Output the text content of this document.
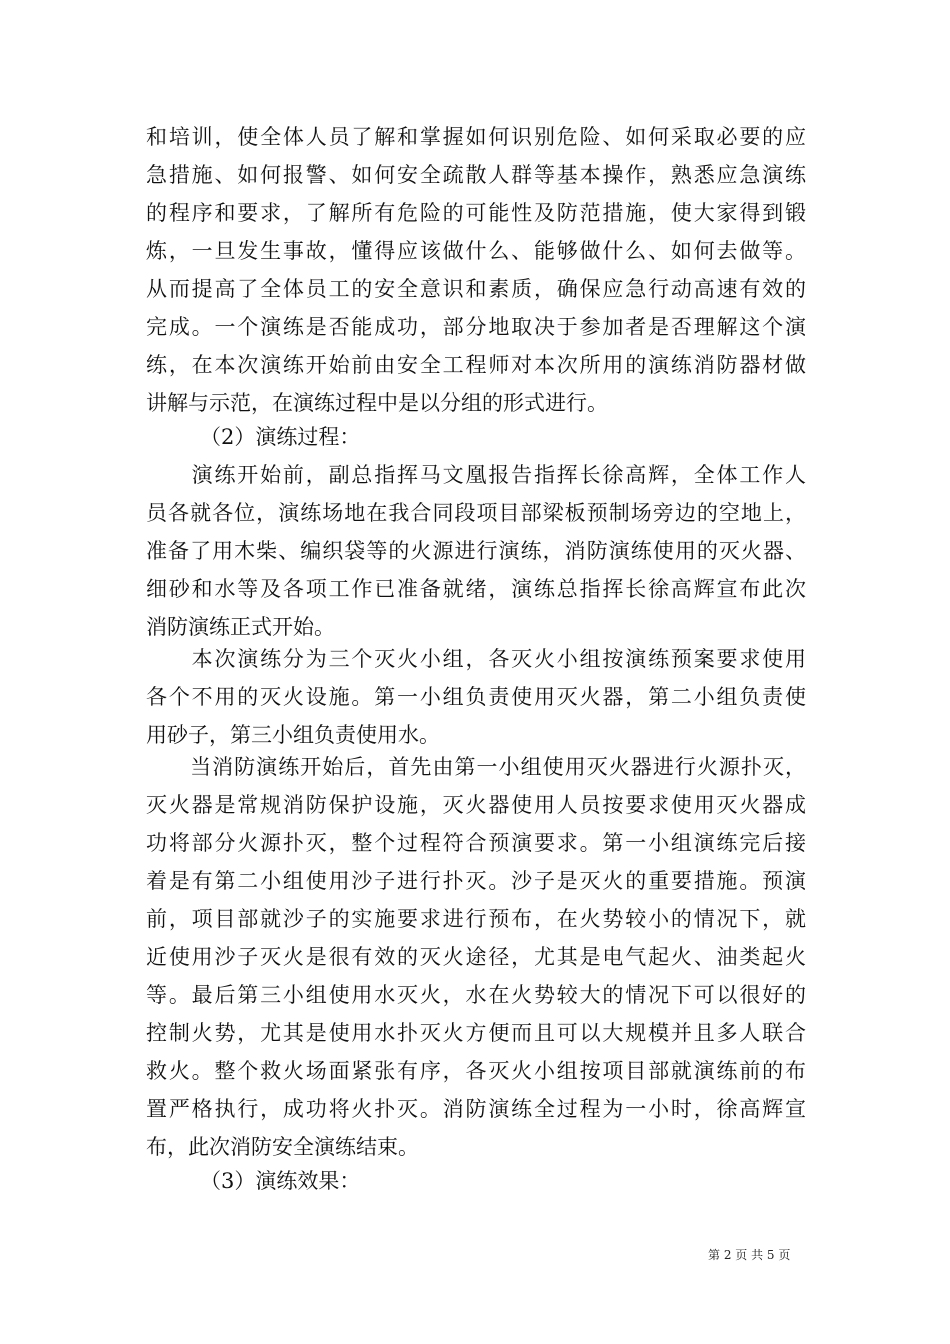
和培训，使全体人员了解和掌握如何识别危险、如何采取必要的应
急措施、如何报警、如何安全疏散人群等基本操作，熟悉应急演练
的程序和要求，了解所有危险的可能性及防范措施，使大家得到锻
炼，一旦发生事故，懂得应该做什么、能够做什么、如何去做等。
从而提高了全体员工的安全意识和素质，确保应急行动高速有效的
完成。一个演练是否能成功，部分地取决于参加者是否理解这个演
练，在本次演练开始前由安全工程师对本次所用的演练消防器材做
讲解与示范，在演练过程中是以分组的形式进行。
（2）演练过程：
　　演练开始前，副总指挥马文凰报告指挥长徐高辉，全体工作人
员各就各位，演练场地在我合同段项目部梁板预制场旁边的空地上，
准备了用木柴、编织袋等的火源进行演练，消防演练使用的灭火器、
细砂和水等及各项工作已准备就绪，演练总指挥长徐高辉宣布此次
消防演练正式开始。
　　本次演练分为三个灭火小组，各灭火小组按演练预案要求使用
各个不用的灭火设施。第一小组负责使用灭火器，第二小组负责使
用砂子，第三小组负责使用水。
　　当消防演练开始后，首先由第一小组使用灭火器进行火源扑灭，
灭火器是常规消防保护设施，灭火器使用人员按要求使用灭火器成
功将部分火源扑灭，整个过程符合预演要求。第一小组演练完后接
着是有第二小组使用沙子进行扑灭。沙子是灭火的重要措施。预演
前，项目部就沙子的实施要求进行预布，在火势较小的情况下，就
近使用沙子灭火是很有效的灭火途径，尤其是电气起火、油类起火
等。最后第三小组使用水灭火，水在火势较大的情况下可以很好的
控制火势，尤其是使用水扑灭火方便而且可以大规模并且多人联合
救火。整个救火场面紧张有序，各灭火小组按项目部就演练前的布
置严格执行，成功将火扑灭。消防演练全过程为一小时，徐高辉宣
布，此次消防安全演练结束。
（3）演练效果：
第 2 页 共 5 页
